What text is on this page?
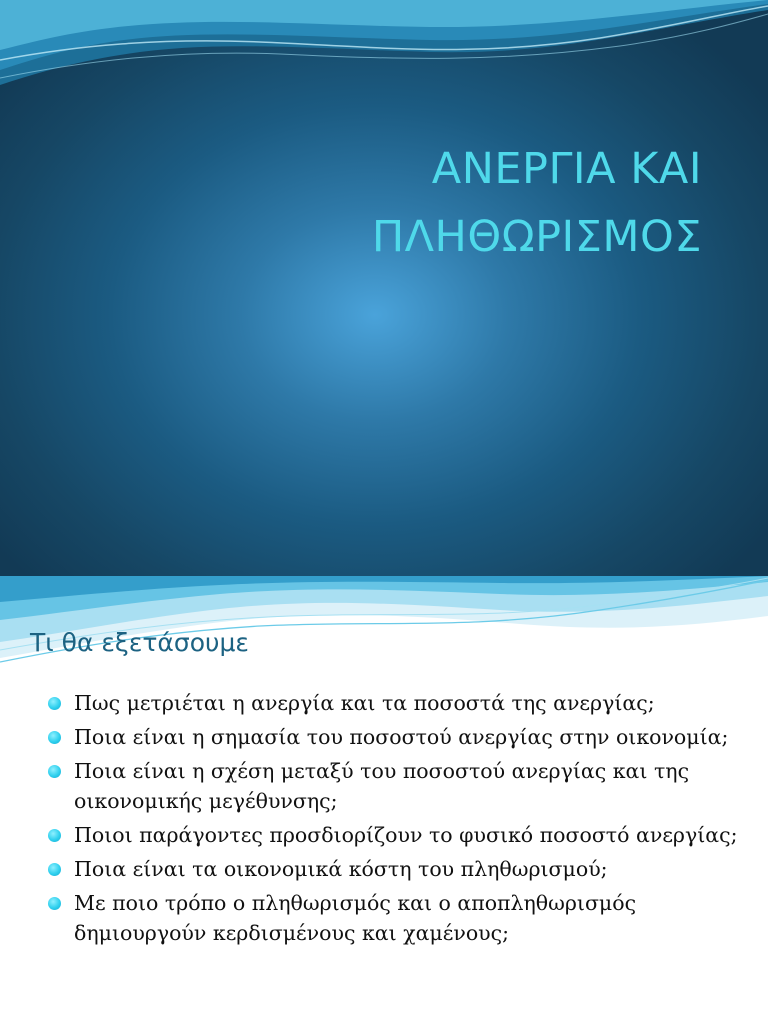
ΑΝΕΡΓΙΑ ΚΑΙ
ΠΛΗΘΩΡΙΣΜΟΣ
Τι θα εξετάσουμε
Πως μετριέται η ανεργία και τα ποσοστά της ανεργίας;
Ποια είναι η σημασία του ποσοστού ανεργίας στην οικονομία;
Ποια είναι η σχέση μεταξύ του ποσοστού ανεργίας και της οικονομικής μεγέθυνσης;
Ποιοι παράγοντες προσδιορίζουν το φυσικό ποσοστό ανεργίας;
Ποια είναι τα οικονομικά κόστη του πληθωρισμού;
Με ποιο τρόπο ο πληθωρισμός και ο αποπληθωρισμός δημιουργούν κερδισμένους και χαμένους;
